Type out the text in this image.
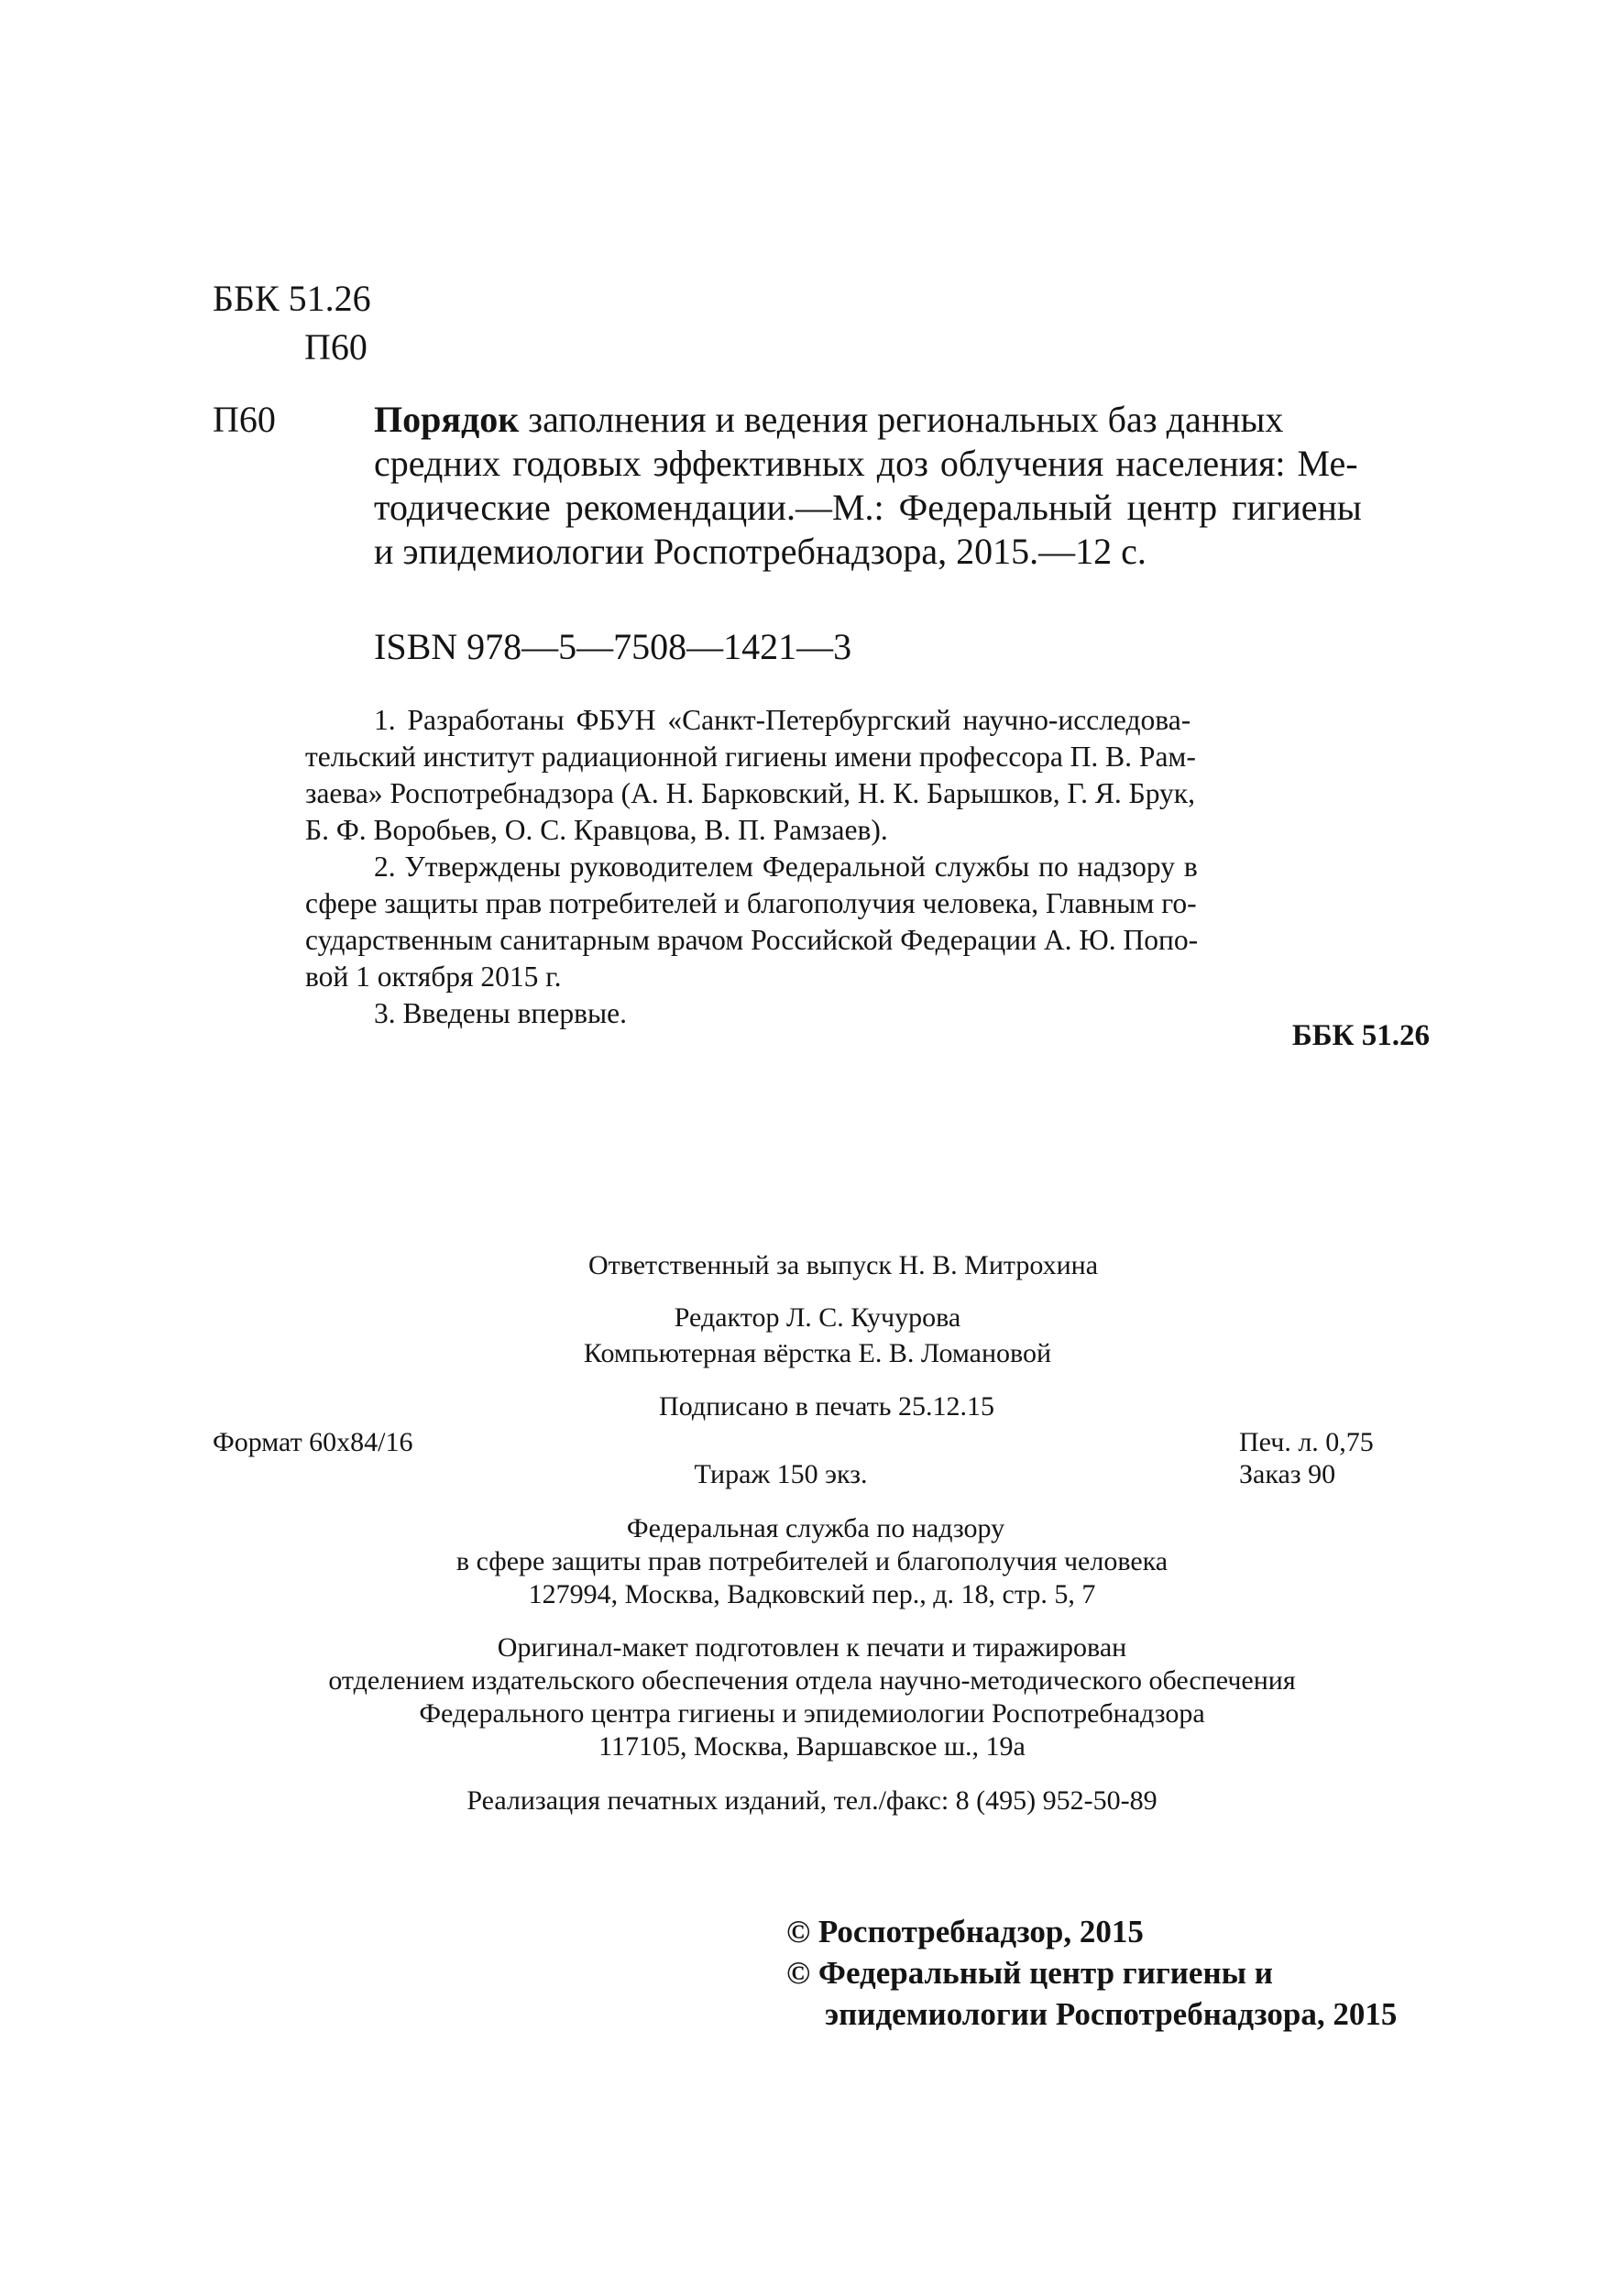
ББК 51.26
П60
П60	Порядок заполнения и ведения региональных баз данных
средних годовых эффективных доз облучения населения: Ме-
тодические рекомендации.—М.: Федеральный центр гигиены
и эпидемиологии Роспотребнадзора, 2015.—12 с.
ISBN 978—5—7508—1421—3
1. Разработаны ФБУН «Санкт-Петербургский научно-исследова-
тельский институт радиационной гигиены имени профессора П. В. Рам-
заева» Роспотребнадзора (А. Н. Барковский, Н. К. Барышков, Г. Я. Брук,
Б. Ф. Воробьев, О. С. Кравцова, В. П. Рамзаев).
2. Утверждены руководителем Федеральной службы по надзору в
сфере защиты прав потребителей и благополучия человека, Главным го-
сударственным санитарным врачом Российской Федерации А. Ю. Попо-
вой 1 октября 2015 г.
3. Введены впервые.
ББК 51.26
Ответственный за выпуск Н. В. Митрохина
Редактор Л. С. Кучурова
Компьютерная вёрстка Е. В. Ломановой
Подписано в печать 25.12.15
Формат 60x84/16	Печ. л. 0,75
Тираж 150 экз.	Заказ 90
Федеральная служба по надзору
в сфере защиты прав потребителей и благополучия человека
127994, Москва, Вадковский пер., д. 18, стр. 5, 7
Оригинал-макет подготовлен к печати и тиражирован
отделением издательского обеспечения отдела научно-методического обеспечения
Федерального центра гигиены и эпидемиологии Роспотребнадзора
117105, Москва, Варшавское ш., 19а
Реализация печатных изданий, тел./факс: 8 (495) 952-50-89
© Роспотребнадзор, 2015
© Федеральный центр гигиены и
эпидемиологии Роспотребнадзора, 2015
